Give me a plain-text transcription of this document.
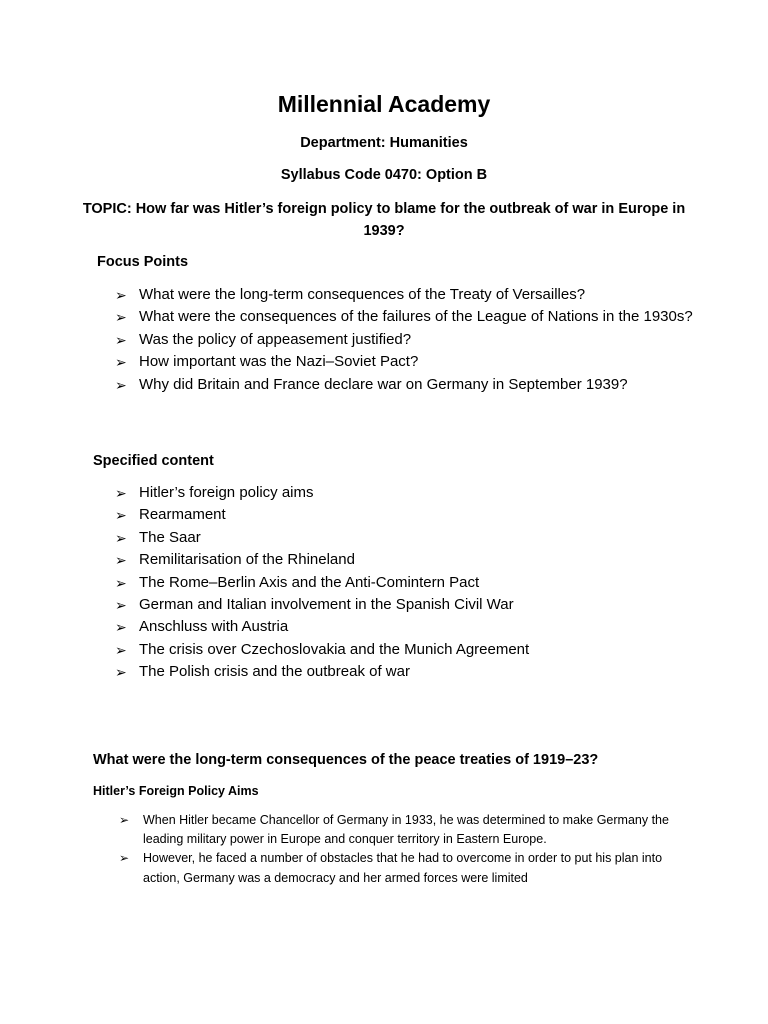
Millennial Academy
Department: Humanities
Syllabus Code 0470: Option B
TOPIC: How far was Hitler’s foreign policy to blame for the outbreak of war in Europe in 1939?
Focus Points
➢ What were the long-term consequences of the Treaty of Versailles?
➢ What were the consequences of the failures of the League of Nations in the 1930s?
➢ Was the policy of appeasement justified?
➢ How important was the Nazi–Soviet Pact?
➢ Why did Britain and France declare war on Germany in September 1939?
Specified content
➢ Hitler’s foreign policy aims
➢ Rearmament
➢ The Saar
➢ Remilitarisation of the Rhineland
➢ The Rome–Berlin Axis and the Anti-Comintern Pact
➢ German and Italian involvement in the Spanish Civil War
➢ Anschluss with Austria
➢ The crisis over Czechoslovakia and the Munich Agreement
➢ The Polish crisis and the outbreak of war
What were the long-term consequences of the peace treaties of 1919–23?
Hitler’s Foreign Policy Aims
➢ When Hitler became Chancellor of Germany in 1933, he was determined to make Germany the leading military power in Europe and conquer territory in Eastern Europe.
➢ However, he faced a number of obstacles that he had to overcome in order to put his plan into action, Germany was a democracy and her armed forces were limited
